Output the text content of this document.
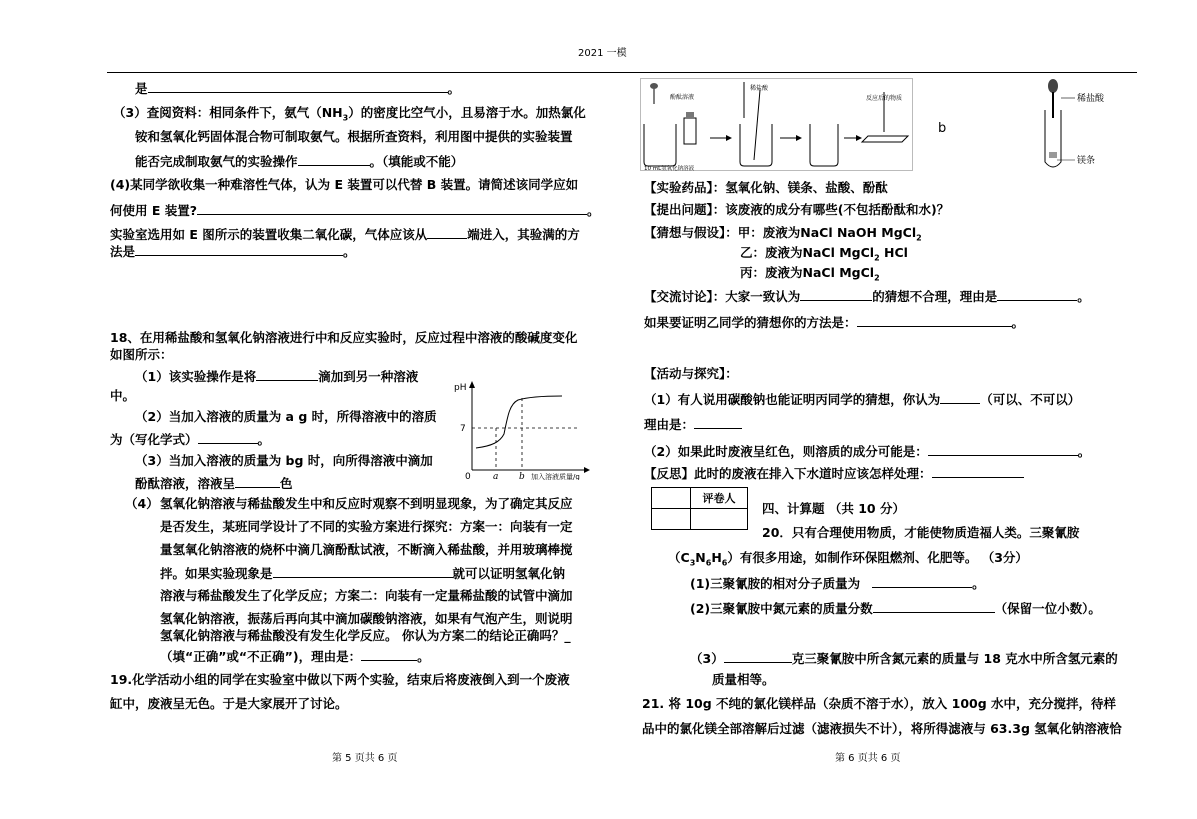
2021 一模
是	。
（3）查阅资料：相同条件下，氨气$(NH_3)$的密度比空气小，且易溶于水。加热氯化
铵和氢氧化钙固体混合物可制取氨气。根据所查资料，利用图中提供的实验装置
能否完成制取氨气的实验操作	。（填能或不能）
(4)某同学欲收集一种难溶性气体，认为 E 装置可以代替 B 装置。请简述该同学应如
何使用 E 装置?	。
实验室选用如 E 图所示的装置收集二氧化碳，气体应该从	端进入，其验满的方
法是	。
18、在用稀盐酸和氢氧化钠溶液进行中和反应实验时，反应过程中溶液的酸碱度变化
如图所示：
（1）该实验操作是将	滴加到另一种溶液
中。
（2）当加入溶液的质量为 a g 时，所得溶液中的溶质
为（写化学式）	。
（3）当加入溶液的质量为 bg 时，向所得溶液中滴加
酚酞溶液，溶液呈	色
pH
7
0 a b 加入溶液质量/g
（4） 氢氧化钠溶液与稀盐酸发生中和反应时观察不到明显现象，为了确定其反应
是否发生，某班同学设计了不同的实验方案进行探究：方案一：向装有一定
量氢氧化钠溶液的烧杯中滴几滴酚酞试液，不断滴入稀盐酸，并用玻璃棒搅
拌。如果实验现象是	就可以证明氢氧化钠
溶液与稀盐酸发生了化学反应；方案二：向装有一定量稀盐酸的试管中滴加
氢氧化钠溶液，振荡后再向其中滴加碳酸钠溶液，如果有气泡产生，则说明
氢氧化钠溶液与稀盐酸没有发生化学反应。 你认为方案二的结论正确吗？_
（填“正确”或“不正确”)，理由是：	。
19.化学活动小组的同学在实验室中做以下两个实验，结束后将废液倒入到一个废液
缸中，废液呈无色。于是大家展开了讨论。
第 5 页共 6 页
酚酞溶液
10 mL氢氧化钠溶液
稀盐酸
反应后的物质
b
稀盐酸
镁条
【实验药品】：氢氧化钠、镁条、盐酸、酚酞
【提出问题】：该废液的成分有哪些(不包括酚酞和水)？
【猜想与假设】：甲：废液为NaCl NaOH MgCl$_2$
乙：废液为NaCl MgCl$_2$ HCl
丙：废液为NaCl MgCl$_2$
【交流讨论】：大家一致认为	的猜想不合理，理由是	。
如果要证明乙同学的猜想你的方法是：	。
【活动与探究】：
（1）有人说用碳酸钠也能证明丙同学的猜想，你认为	（可以、不可以）
理由是：
（2）如果此时废液呈红色，则溶质的成分可能是：	。
【反思】此时的废液在排入下水道时应该怎样处理：
	评卷人

四、计算题 （共 10 分）
20．只有合理使用物质，才能使物质造福人类。三聚氰胺
$(C_3N_6H_6)$有很多用途，如制作环保阻燃剂、化肥等。 （3分）
(1)三聚氰胺的相对分子质量为	。
(2)三聚氰胺中氮元素的质量分数	（保留一位小数）。
（3）	克三聚氰胺中所含氮元素的质量与 18 克水中所含氢元素的
质量相等。
21. 将 10g 不纯的氯化镁样品（杂质不溶于水），放入 100g 水中，充分搅拌，待样
品中的氯化镁全部溶解后过滤（滤液损失不计），将所得滤液与 63.3g 氢氧化钠溶液恰
第 6 页共 6 页
